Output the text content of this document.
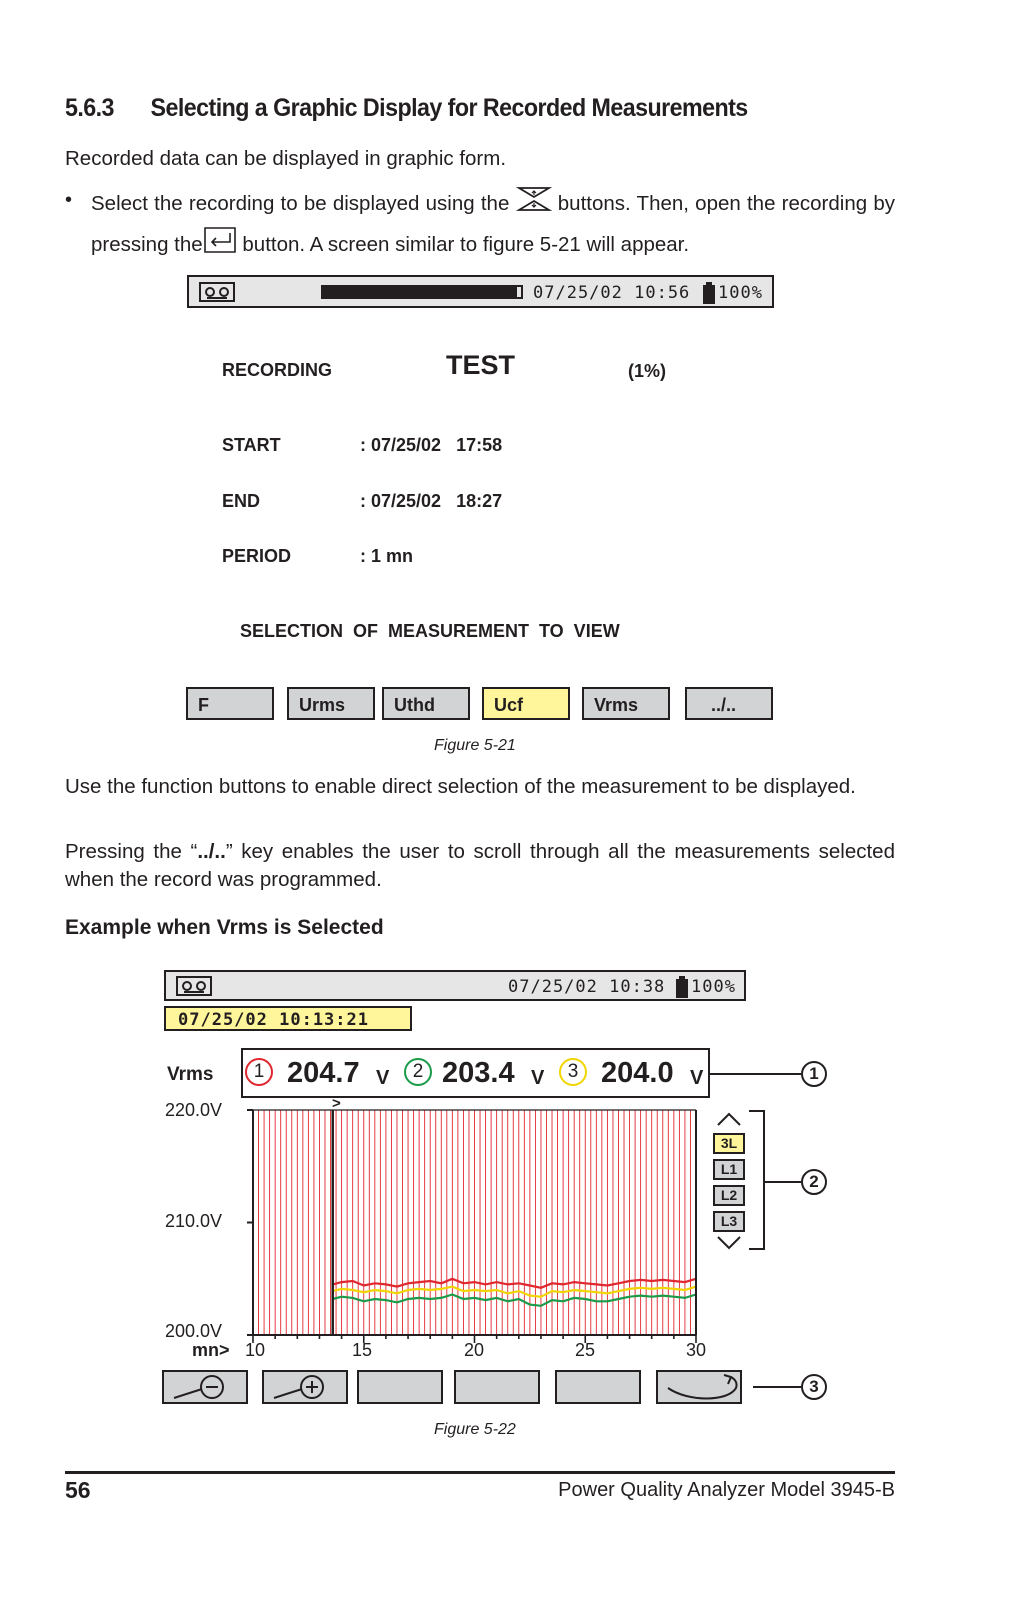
5.6.3 Selecting a Graphic Display for Recorded Measurements
Recorded data can be displayed in graphic form.
• Select the recording to be displayed using the buttons. Then, open the recording by pressing the button. A screen similar to figure 5-21 will appear.
07/25/02 10:56 100%
RECORDING	TEST	(1%)
START	: 07/25/02   17:58
END	: 07/25/02   18:27
PERIOD	: 1 mn
SELECTION  OF  MEASUREMENT  TO  VIEW
F	Urms	Uthd	Ucf	Vrms	../..
Figure 5-21
Use the function buttons to enable direct selection of the measurement to be displayed.
Pressing the “../..” key enables the user to scroll through all the measurements selected when the record was programmed.
Example when Vrms is Selected
07/25/02 10:38 100%
07/25/02 10:13:21
Vrms	1 204.7 V	2 203.4 V	3 204.0 V	1
>
220.0V
210.0V
200.0V
mn> 10	15	20	25	30
3L
L1
L2
L3
2
3
Figure 5-22
56	Power Quality Analyzer Model 3945-B
